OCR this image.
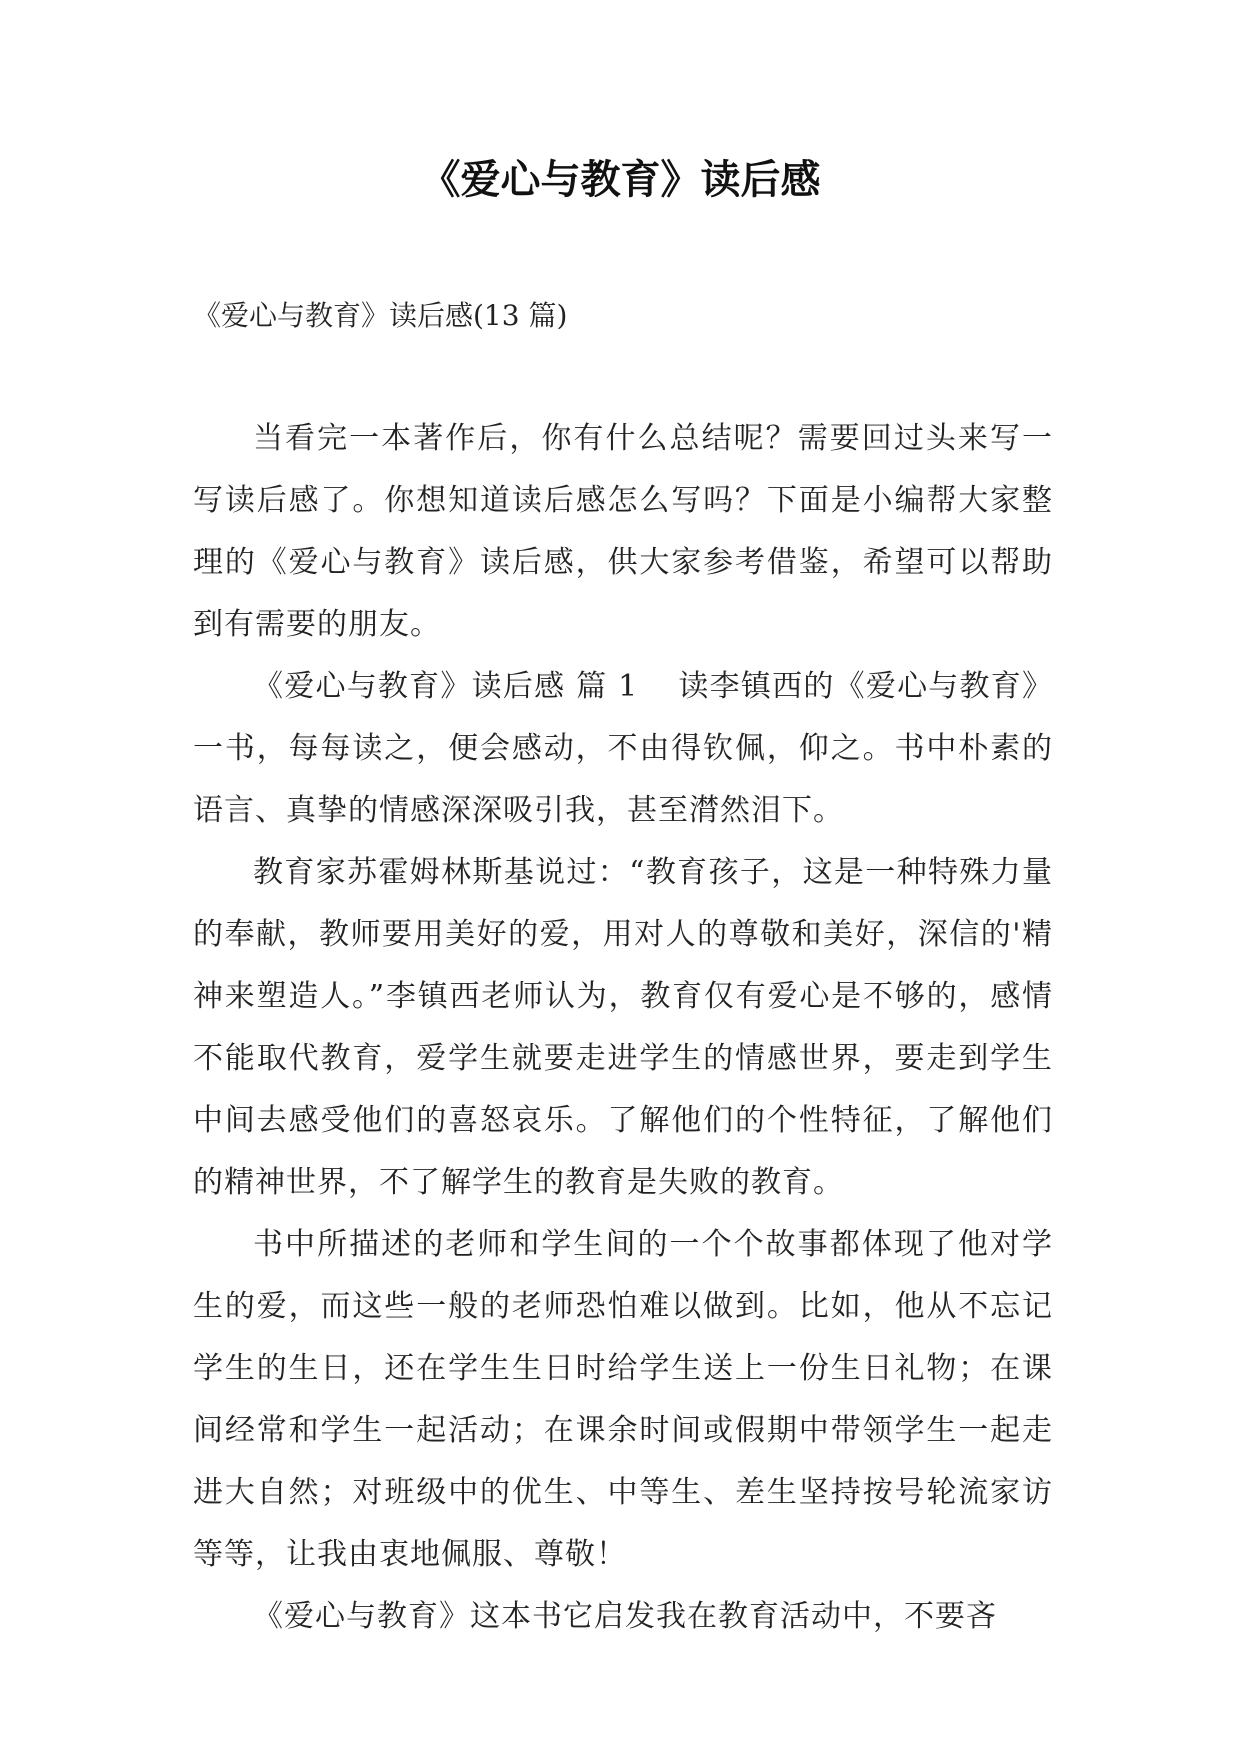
《爱心与教育》读后感

《爱心与教育》读后感(13 篇)

当看完一本著作后，你有什么总结呢？需要回过头来写一写读后感了。你想知道读后感怎么写吗？下面是小编帮大家整理的《爱心与教育》读后感，供大家参考借鉴，希望可以帮助到有需要的朋友。

《爱心与教育》读后感 篇 1 读李镇西的《爱心与教育》一书，每每读之，便会感动，不由得钦佩，仰之。书中朴素的语言、真挚的情感深深吸引我，甚至潸然泪下。

教育家苏霍姆林斯基说过：“教育孩子，这是一种特殊力量的奉献，教师要用美好的爱，用对人的尊敬和美好，深信的'精神来塑造人。”李镇西老师认为，教育仅有爱心是不够的，感情不能取代教育，爱学生就要走进学生的情感世界，要走到学生中间去感受他们的喜怒哀乐。了解他们的个性特征，了解他们的精神世界，不了解学生的教育是失败的教育。

书中所描述的老师和学生间的一个个故事都体现了他对学生的爱，而这些一般的老师恐怕难以做到。比如，他从不忘记学生的生日，还在学生生日时给学生送上一份生日礼物；在课间经常和学生一起活动；在课余时间或假期中带领学生一起走进大自然；对班级中的优生、中等生、差生坚持按号轮流家访等等，让我由衷地佩服、尊敬！

《爱心与教育》这本书它启发我在教育活动中，不要吝
